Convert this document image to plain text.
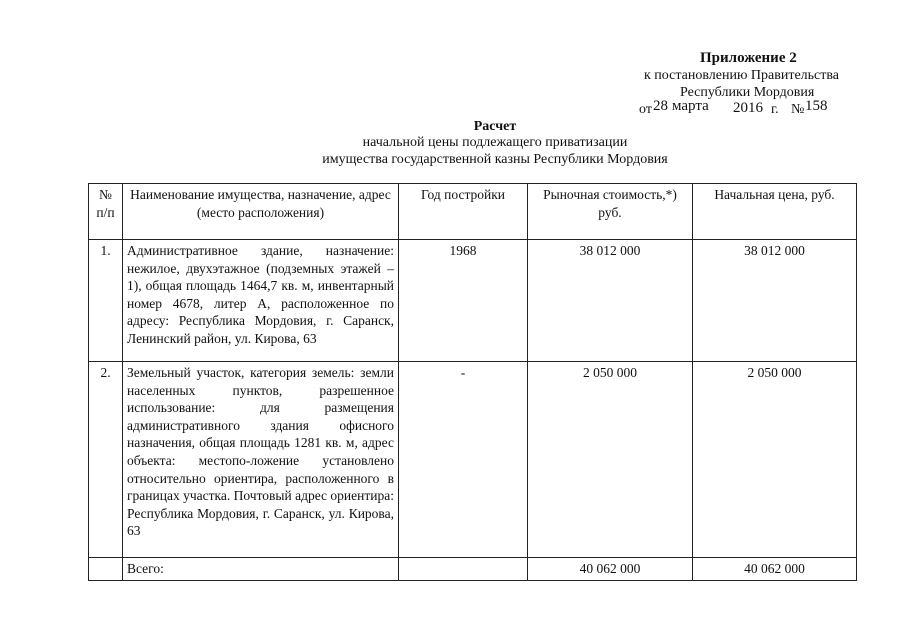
Приложение 2
к постановлению Правительства
Республики Мордовия
от 28 марта 2016 г. № 158
Расчет
начальной цены подлежащего приватизации
имущества государственной казны Республики Мордовия
№ п/п	Наименование имущества, назначение, адрес (место расположения)	Год постройки	Рыночная стоимость,*) руб.	Начальная цена, руб.
1.	Административное здание, назначение: нежилое, двухэтажное (подземных этажей – 1), общая площадь 1464,7 кв. м, инвентарный номер 4678, литер А, расположенное по адресу: Республика Мордовия, г. Саранск, Ленинский район, ул. Кирова, 63	1968	38 012 000	38 012 000
2.	Земельный участок, категория земель: земли населенных пунктов, разрешенное использование: для размещения административного здания офисного назначения, общая площадь 1281 кв. м, адрес объекта: местопо-ложение установлено относительно ориентира, расположенного в границах участка. Почтовый адрес ориентира: Республика Мордовия, г. Саранск, ул. Кирова, 63	-	2 050 000	2 050 000
	Всего:		40 062 000	40 062 000
